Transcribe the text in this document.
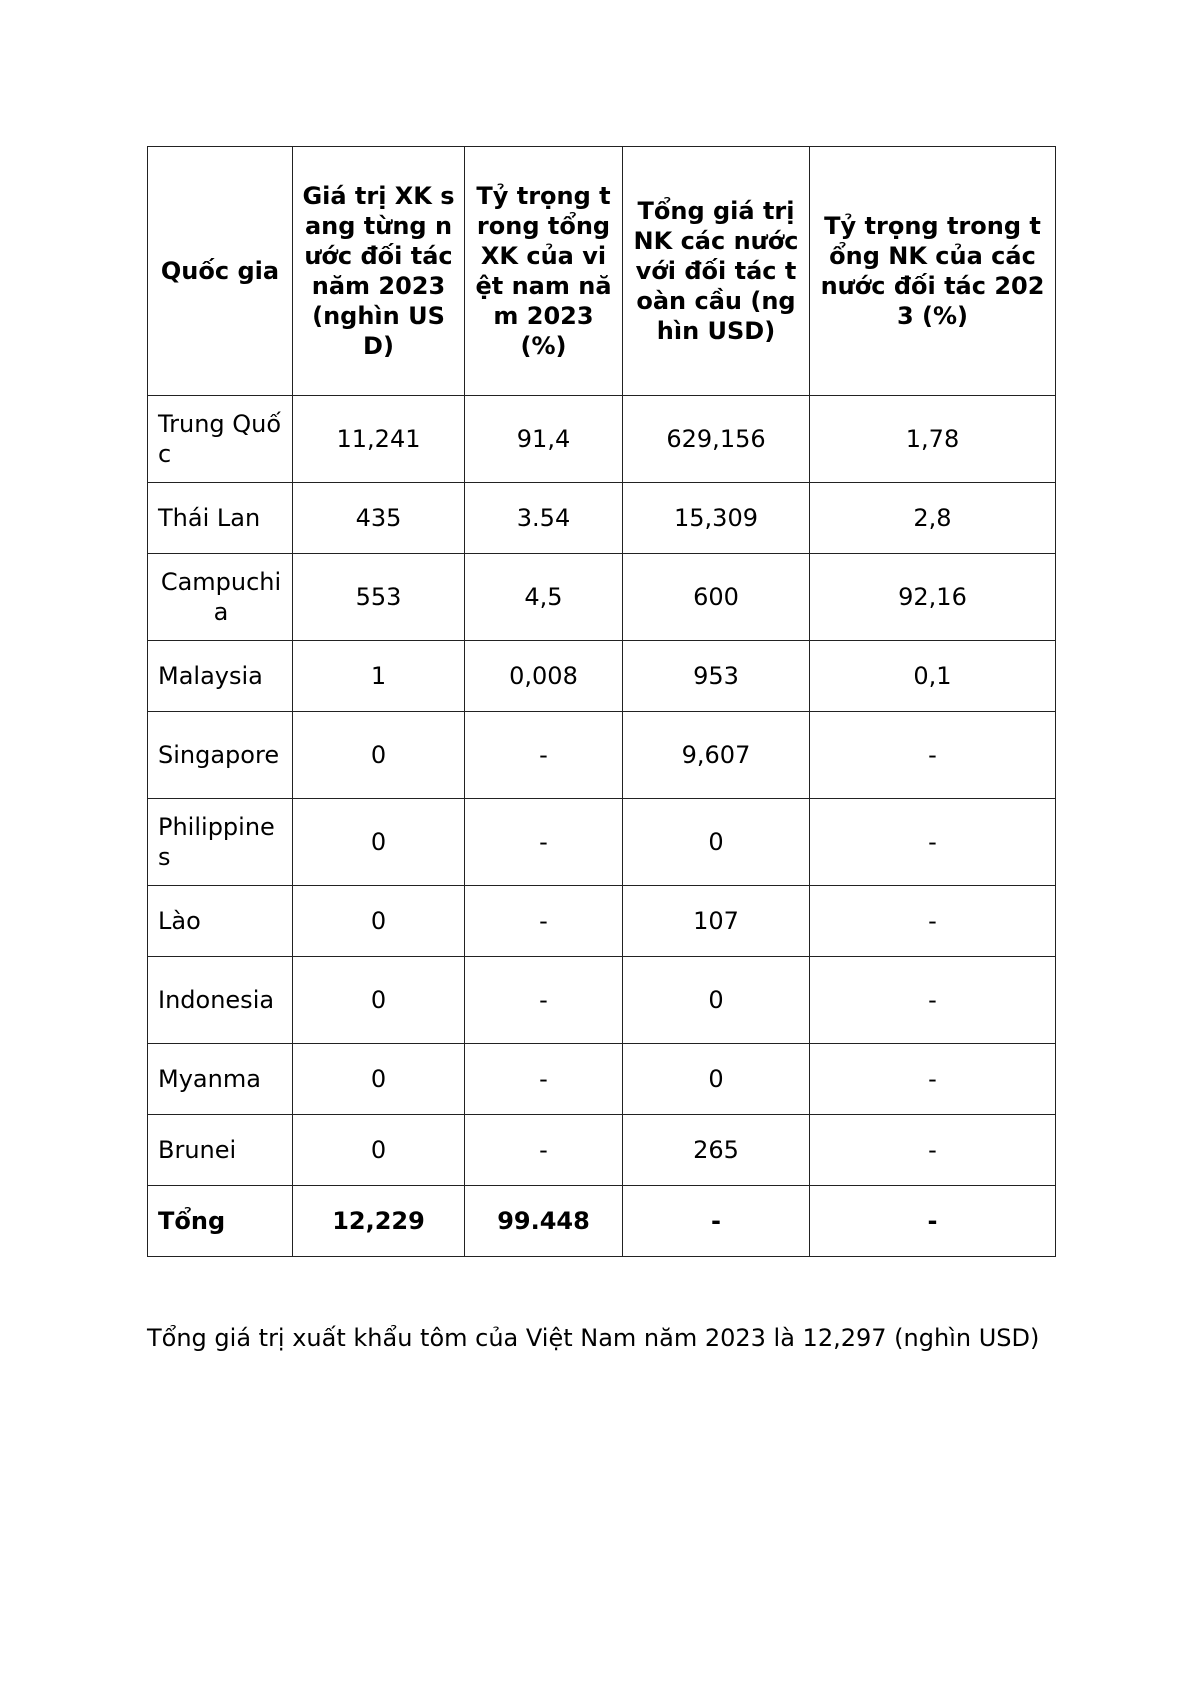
Quốc gia	Giá trị XK sang từng nước đối tác năm 2023 (nghìn USD)	Tỷ trọng trong tổng XK của việt nam năm 2023 (%)	Tổng giá trị NK các nước với đối tác toàn cầu (nghìn USD)	Tỷ trọng trong tổng NK của các nước đối tác 2023 (%)
Trung Quốc	11,241	91,4	629,156	1,78
Thái Lan	435	3.54	15,309	2,8
Campuchia	553	4,5	600	92,16
Malaysia	1	0,008	953	0,1
Singapore	0	-	9,607	-
Philippines	0	-	0	-
Lào	0	-	107	-
Indonesia	0	-	0	-
Myanma	0	-	0	-
Brunei	0	-	265	-
Tổng	12,229	99.448	-	-

Tổng giá trị xuất khẩu tôm của Việt Nam năm 2023 là 12,297 (nghìn USD)
